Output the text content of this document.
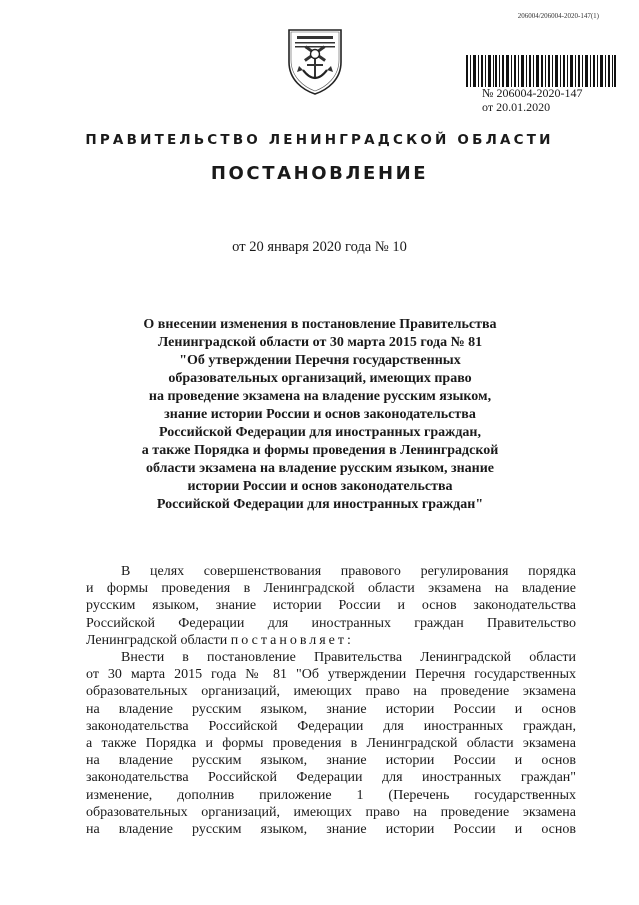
206004/206004-2020-147(1)
№ 206004-2020-147
от 20.01.2020
ПРАВИТЕЛЬСТВО ЛЕНИНГРАДСКОЙ ОБЛАСТИ
ПОСТАНОВЛЕНИЕ
от 20 января 2020 года № 10
О внесении изменения в постановление Правительства
Ленинградской области от 30 марта 2015 года № 81
"Об утверждении Перечня государственных
образовательных организаций, имеющих право
на проведение экзамена на владение русским языком,
знание истории России и основ законодательства
Российской Федерации для иностранных граждан,
а также Порядка и формы проведения в Ленинградской
области экзамена на владение русским языком, знание
истории России и основ законодательства
Российской Федерации для иностранных граждан"
В целях совершенствования правового регулирования порядка
и формы проведения в Ленинградской области экзамена на владение
русским языком, знание истории России и основ законодательства
Российской Федерации для иностранных граждан Правительство
Ленинградской области постановляет:
Внести в постановление Правительства Ленинградской области
от 30 марта 2015 года № 81 "Об утверждении Перечня государственных
образовательных организаций, имеющих право на проведение экзамена
на владение русским языком, знание истории России и основ
законодательства Российской Федерации для иностранных граждан,
а также Порядка и формы проведения в Ленинградской области экзамена
на владение русским языком, знание истории России и основ
законодательства Российской Федерации для иностранных граждан"
изменение, дополнив приложение 1 (Перечень государственных
образовательных организаций, имеющих право на проведение экзамена
на владение русским языком, знание истории России и основ
